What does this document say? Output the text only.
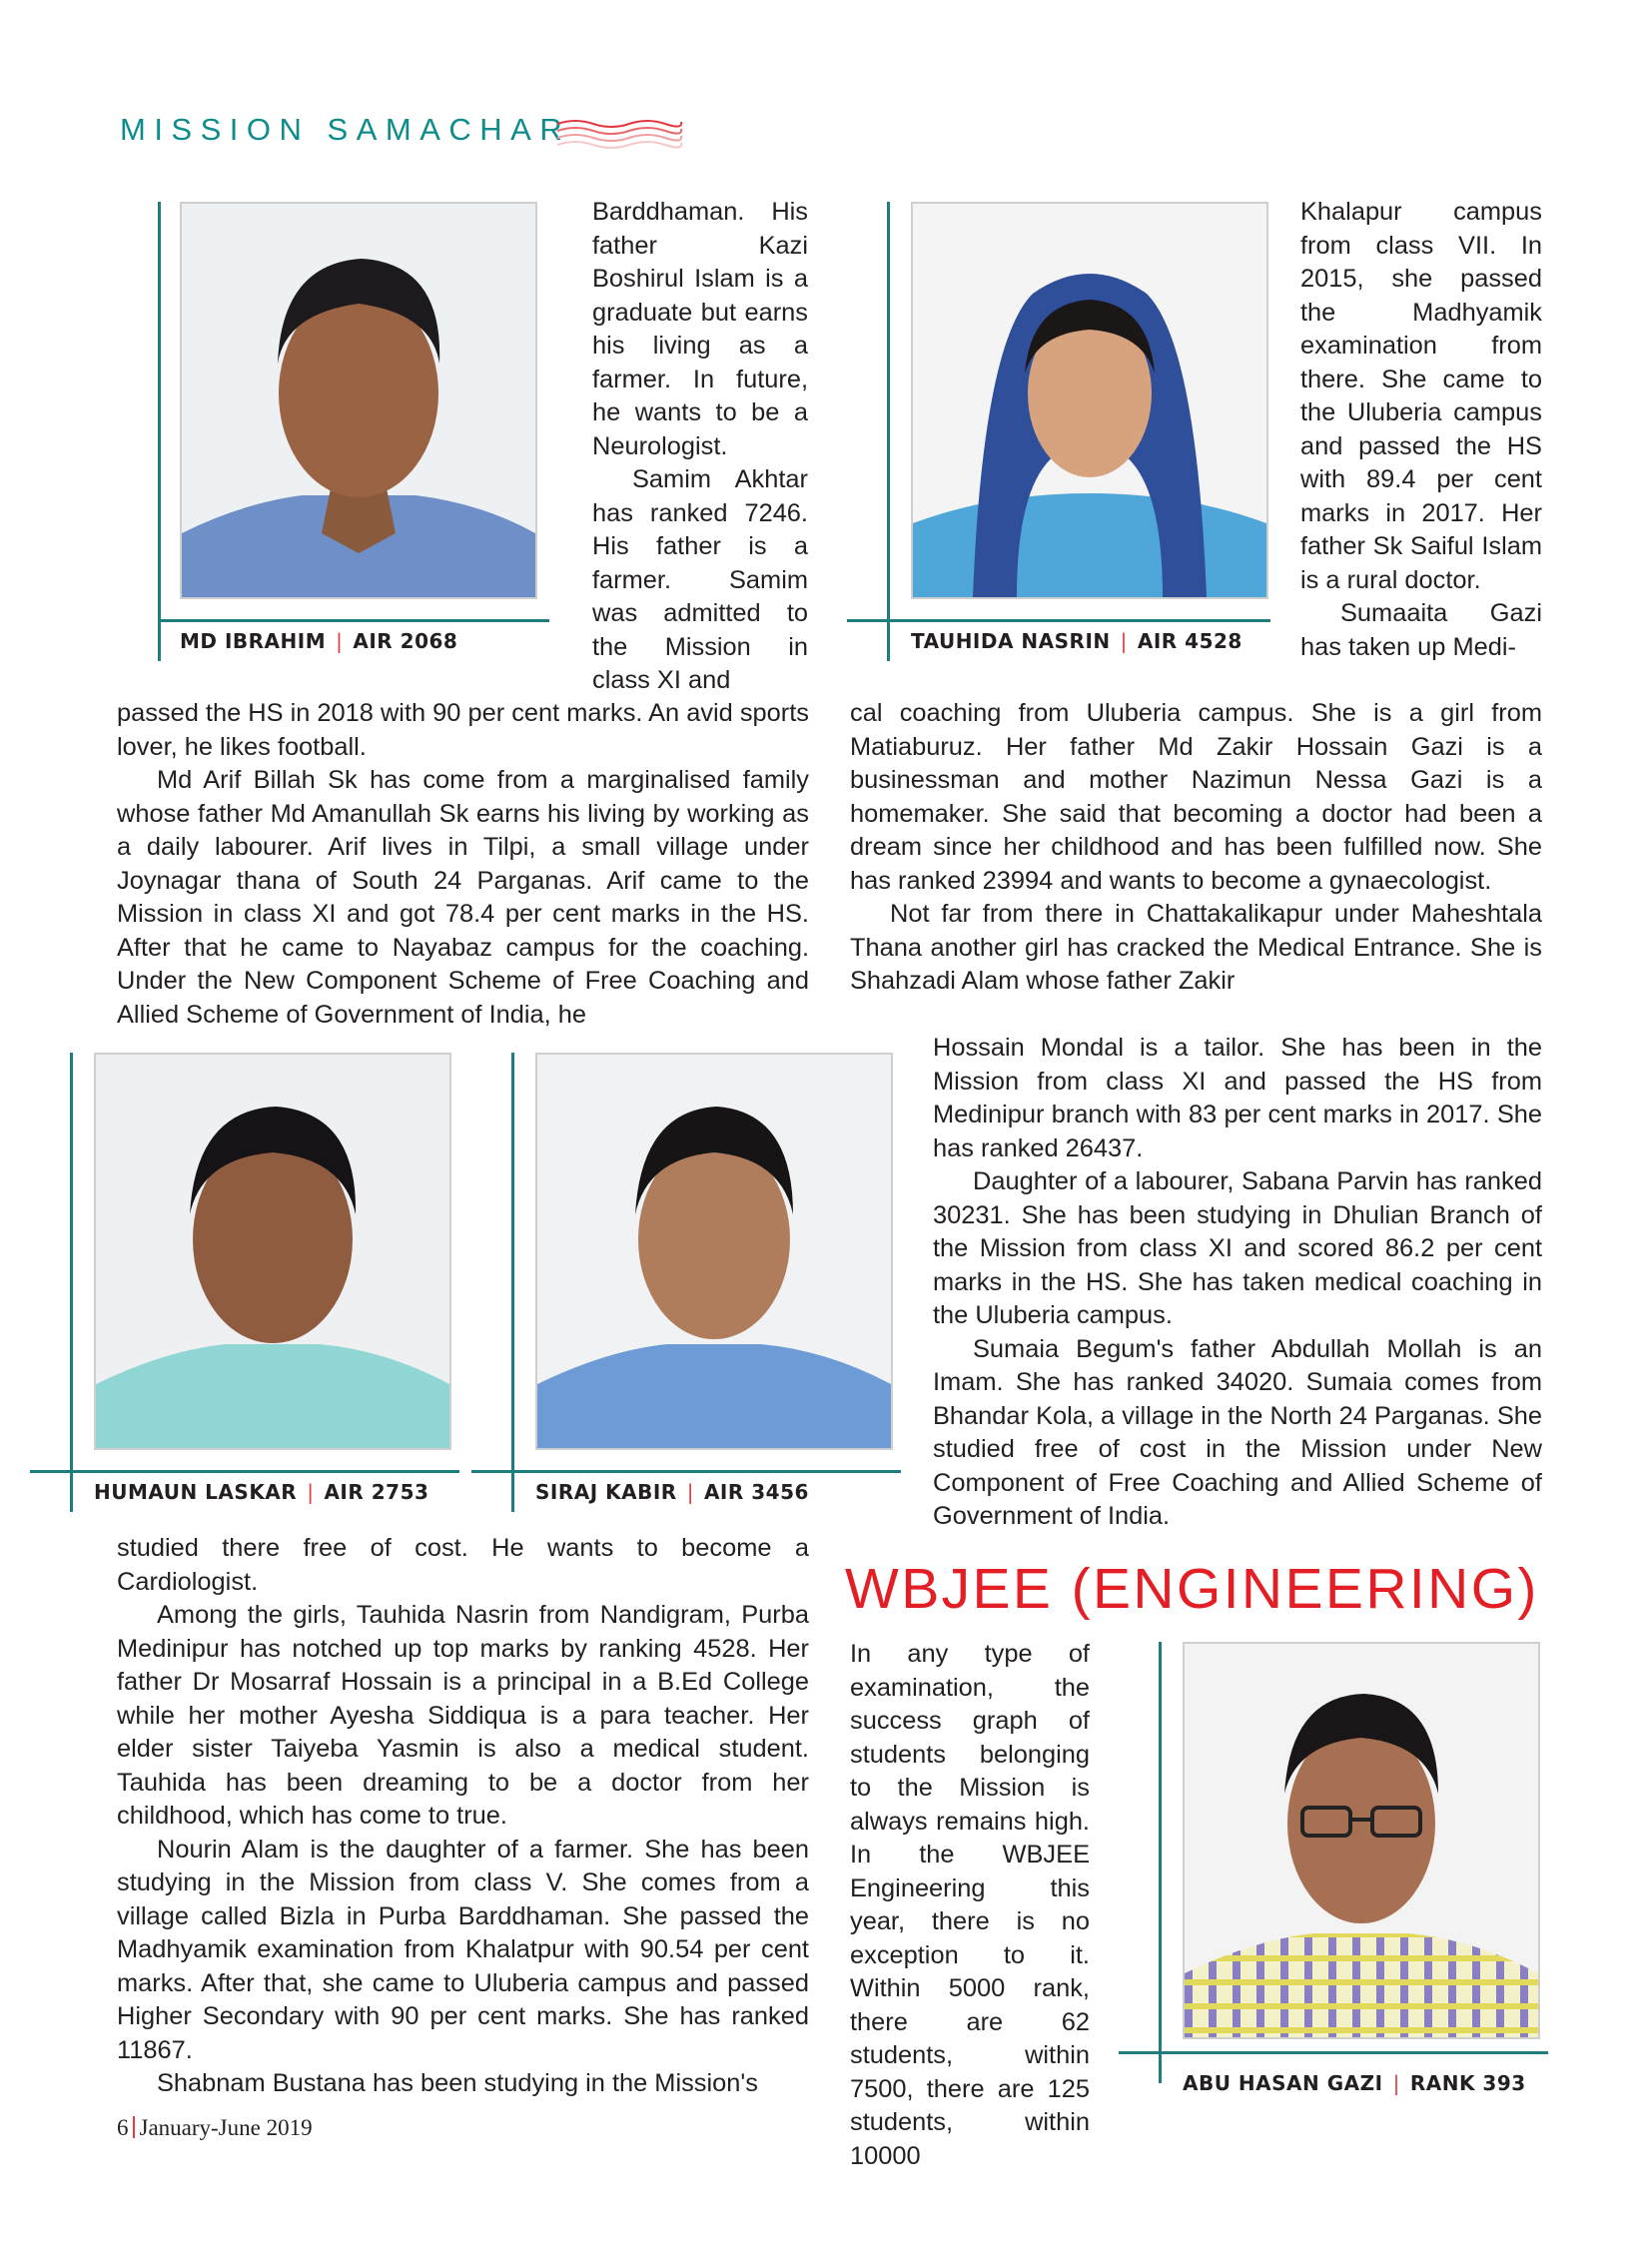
MISSION SAMACHAR
MD IBRAHIM | AIR 2068	TAUHIDA NASRIN | AIR 4528
HUMAUN LASKAR | AIR 2753	SIRAJ KABIR | AIR 3456
ABU HASAN GAZI | RANK 393

Barddhaman. His father Kazi Boshirul Islam is a graduate but earns his living as a farmer. In future, he wants to be a Neurologist.

Samim Akhtar has ranked 7246. His father is a farmer. Samim was admitted to the Mission in class XI and

passed the HS in 2018 with 90 per cent marks. An avid sports lover, he likes football.

Md Arif Billah Sk has come from a marginalised family whose father Md Amanullah Sk earns his living by working as a daily labourer. Arif lives in Tilpi, a small village under Joynagar thana of South 24 Parganas. Arif came to the Mission in class XI and got 78.4 per cent marks in the HS. After that he came to Nayabaz campus for the coaching. Under the New Component Scheme of Free Coaching and Allied Scheme of Government of India, he

studied there free of cost. He wants to become a Cardiologist.

Among the girls, Tauhida Nasrin from Nandigram, Purba Medinipur has notched up top marks by ranking 4528. Her father Dr Mosarraf Hossain is a principal in a B.Ed College while her mother Ayesha Siddiqua is a para teacher. Her elder sister Taiyeba Yasmin is also a medical student. Tauhida has been dreaming to be a doctor from her childhood, which has come to true.

Nourin Alam is the daughter of a farmer. She has been studying in the Mission from class V. She comes from a village called Bizla in Purba Barddhaman. She passed the Madhyamik examination from Khalatpur with 90.54 per cent marks. After that, she came to Uluberia campus and passed Higher Secondary with 90 per cent marks. She has ranked 11867.

Shabnam Bustana has been studying in the Mission's

Khalapur campus from class VII. In 2015, she passed the Madhyamik examination from there. She came to the Uluberia campus and passed the HS with 89.4 per cent marks in 2017. Her father Sk Saiful Islam is a rural doctor.

Sumaaita Gazi has taken up Medi-

cal coaching from Uluberia campus. She is a girl from Matiaburuz. Her father Md Zakir Hossain Gazi is a businessman and mother Nazimun Nessa Gazi is a homemaker. She said that becoming a doctor had been a dream since her childhood and has been fulfilled now. She has ranked 23994 and wants to become a gynaecologist.

Not far from there in Chattakalikapur under Maheshtala Thana another girl has cracked the Medical Entrance. She is Shahzadi Alam whose father Zakir

Hossain Mondal is a tailor. She has been in the Mission from class XI and passed the HS from Medinipur branch with 83 per cent marks in 2017. She has ranked 26437.

Daughter of a labourer, Sabana Parvin has ranked 30231. She has been studying in Dhulian Branch of the Mission from class XI and scored 86.2 per cent marks in the HS. She has taken medical coaching in the Uluberia campus.

Sumaia Begum's father Abdullah Mollah is an Imam. She has ranked 34020. Sumaia comes from Bhandar Kola, a village in the North 24 Parganas. She studied free of cost in the Mission under New Component of Free Coaching and Allied Scheme of Government of India.

WBJEE (ENGINEERING)

In any type of examination, the success graph of students belonging to the Mission is always remains high. In the WBJEE Engineering this year, there is no exception to it. Within 5000 rank, there are 62 students, within 7500, there are 125 students, within 10000

6 January-June 2019
